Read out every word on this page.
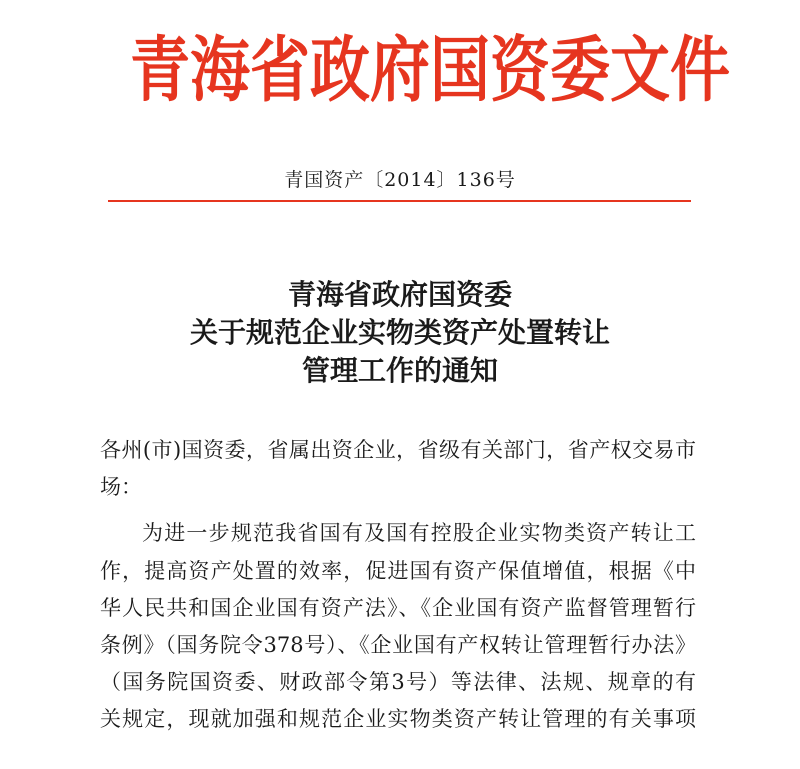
青 海 省 政 府 国 资 委 文 件
青国资产〔2014〕136号
青海省政府国资委
关于规范企业实物类资产处置转让
管理工作的通知
各州(市)国资委，省属出资企业，省级有关部门，省产权交易市
场：
为进一步规范我省国有及国有控股企业实物类资产转让工
作，提高资产处置的效率，促进国有资产保值增值，根据《中
华人民共和国企业国有资产法》、《企业国有资产监督管理暂行
条例》（国务院令378号）、《企业国有产权转让管理暂行办法》
（国务院国资委、财政部令第3号）等法律、法规、规章的有
关规定，现就加强和规范企业实物类资产转让管理的有关事项
